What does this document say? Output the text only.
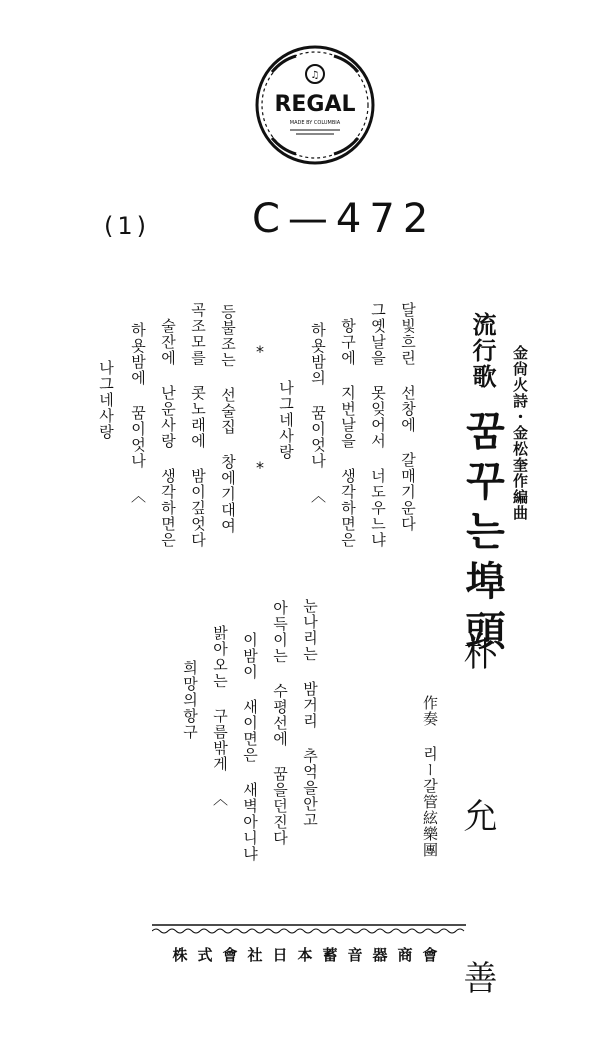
♫
REGAL
MADE BY COLUMBIA
(1)	C—472
金尙火詩・金松奎作編曲
流行歌
꿈꾸는埠頭
朴 允 善
作奏 리ー갈管絃樂團
달빛흐린 선창에 갈매기운다
그옛날을 못잊어서 너도우느냐
항구에 지번날을 생각하면은
하욧밤의 꿈이엇나 〈
나그네사랑
*
*
등불조는 선술집 창에기대여
곡조모를 콧노래에 밤이깊엇다
술잔에 난운사랑 생각하면은
하욧밤에 꿈이엇나 〈
나그네사랑
눈나리는 밤거리 추억을안고
아득이는 수평선에 꿈을던진다
이밤이 새이면은 새벽아니냐
밝아오는 구름밖게 〈
희망의항구
株式會社日本蓄音器商會
